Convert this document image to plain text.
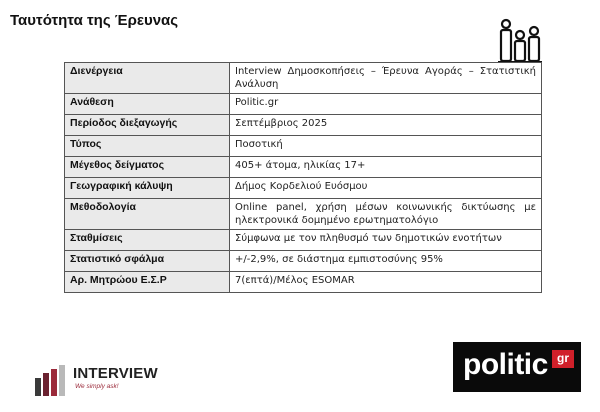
Ταυτότητα της Έρευνας
Διενέργεια	Interview Δημοσκοπήσεις – Έρευνα Αγοράς – Στατιστική Ανάλυση
Ανάθεση	Politic.gr
Περίοδος διεξαγωγής	Σεπτέμβριος 2025
Τύπος	Ποσοτική
Μέγεθος δείγματος	405+ άτομα, ηλικίας 17+
Γεωγραφική κάλυψη	Δήμος Κορδελιού Ευόσμου
Μεθοδολογία	Online panel, χρήση μέσων κοινωνικής δικτύωσης με ηλεκτρονικά δομημένο ερωτηματολόγιο
Σταθμίσεις	Σύμφωνα με τον πληθυσμό των δημοτικών ενοτήτων
Στατιστικό σφάλμα	+/-2,9%, σε διάστημα εμπιστοσύνης 95%
Αρ. Μητρώου Ε.Σ.Ρ	7(επτά)/Μέλος ESOMAR
INTERVIEW
We simply ask!
politic gr
